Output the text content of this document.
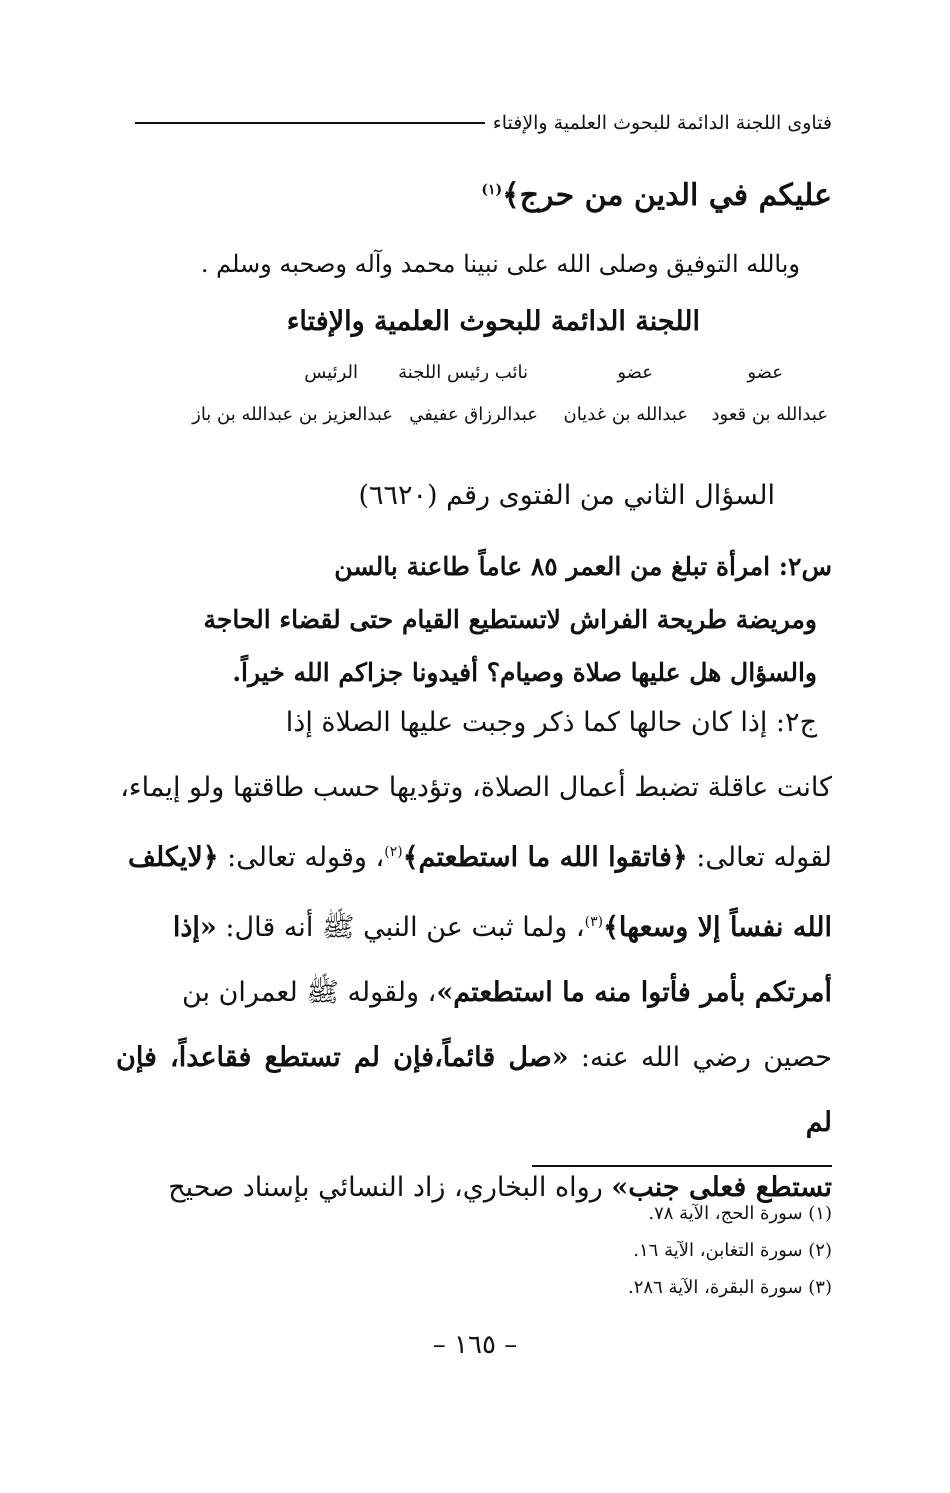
فتاوى اللجنة الدائمة للبحوث العلمية والإفتاء
عليكم في الدين من حرج﴾$^{(١)}$
وبالله التوفيق وصلى الله على نبينا محمد وآله وصحبه وسلم .
اللجنة الدائمة للبحوث العلمية والإفتاء
عضو
عضو
نائب رئيس اللجنة
الرئيس
عبدالله بن قعود
عبدالله بن غديان
عبدالرزاق عفيفي
عبدالعزيز بن عبدالله بن باز
السؤال الثاني من الفتوى رقم (٦٦٢٠)
س٢: امرأة تبلغ من العمر ٨٥ عاماً طاعنة بالسن
ومريضة طريحة الفراش لاتستطيع القيام حتى لقضاء الحاجة
والسؤال هل عليها صلاة وصيام؟ أفيدونا جزاكم الله خيراً.
ج٢: إذا كان حالها كما ذكر وجبت عليها الصلاة إذا
كانت عاقلة تضبط أعمال الصلاة، وتؤديها حسب طاقتها ولو إيماء،
لقوله تعالى: ﴿فاتقوا الله ما استطعتم﴾$^{(٢)}$، وقوله تعالى: ﴿لايكلف
الله نفساً إلا وسعها﴾$^{(٣)}$، ولما ثبت عن النبي ﷺ أنه قال: «إذا
أمرتكم بأمر فأتوا منه ما استطعتم»، ولقوله ﷺ لعمران بن
حصين رضي الله عنه: «صل قائماً،فإن لم تستطع فقاعداً، فإن لم
تستطع فعلى جنب» رواه البخاري، زاد النسائي بإسناد صحيح
(١) سورة الحج، الآية ٧٨.
(٢) سورة التغابن، الآية ١٦.
(٣) سورة البقرة، الآية ٢٨٦.
– ١٦٥ –
